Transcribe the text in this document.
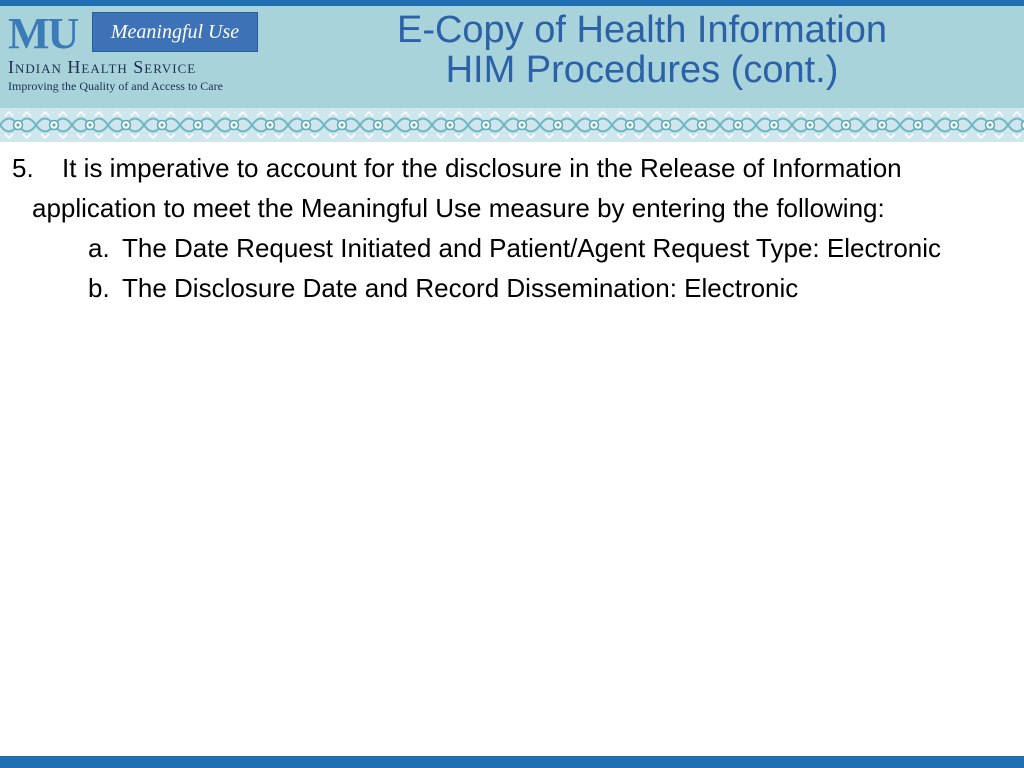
MU	Meaningful Use
Indian Health Service
Improving the Quality of and Access to Care
E-Copy of Health Information
HIM Procedures (cont.)
5.	It is imperative to account for the disclosure in the Release of Information application to meet the Meaningful Use measure by entering the following:
a. The Date Request Initiated and Patient/Agent Request Type: Electronic
b. The Disclosure Date and Record Dissemination: Electronic
